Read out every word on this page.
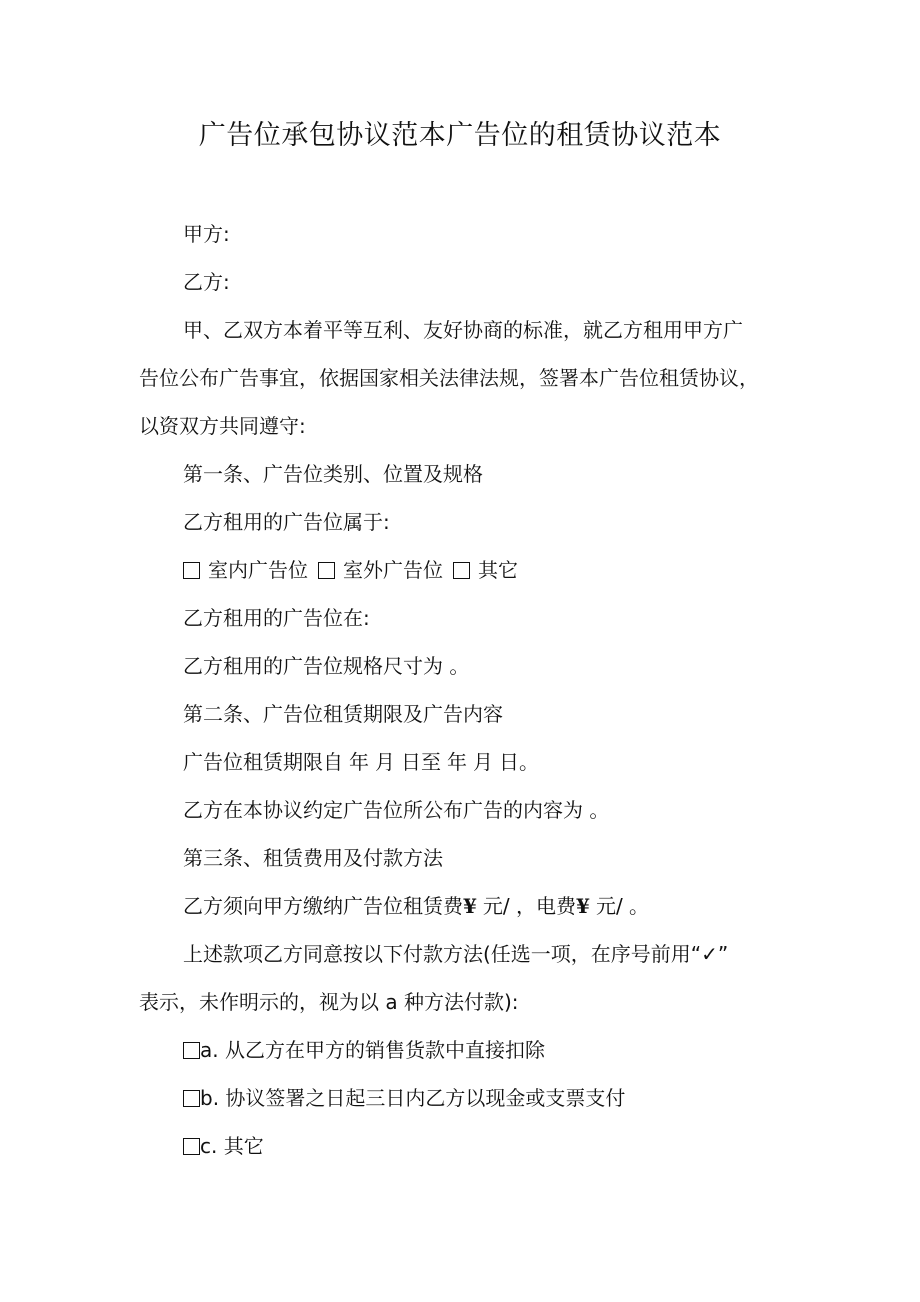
广告位承包协议范本广告位的租赁协议范本
甲方:
乙方:
甲、乙双方本着平等互利、友好协商的标准，就乙方租用甲方广
告位公布广告事宜，依据国家相关法律法规，签署本广告位租赁协议，
以资双方共同遵守:
第一条、广告位类别、位置及规格
乙方租用的广告位属于:
室内广告位 室外广告位 其它
乙方租用的广告位在:
乙方租用的广告位规格尺寸为 。
第二条、广告位租赁期限及广告内容
广告位租赁期限自 年 月 日至 年 月 日。
乙方在本协议约定广告位所公布广告的内容为 。
第三条、租赁费用及付款方法
乙方须向甲方缴纳广告位租赁费¥ 元/ ，电费¥ 元/ 。
上述款项乙方同意按以下付款方法(任选一项，在序号前用“✓”
表示，未作明示的，视为以 a 种方法付款):
a. 从乙方在甲方的销售货款中直接扣除
b. 协议签署之日起三日内乙方以现金或支票支付
c. 其它
